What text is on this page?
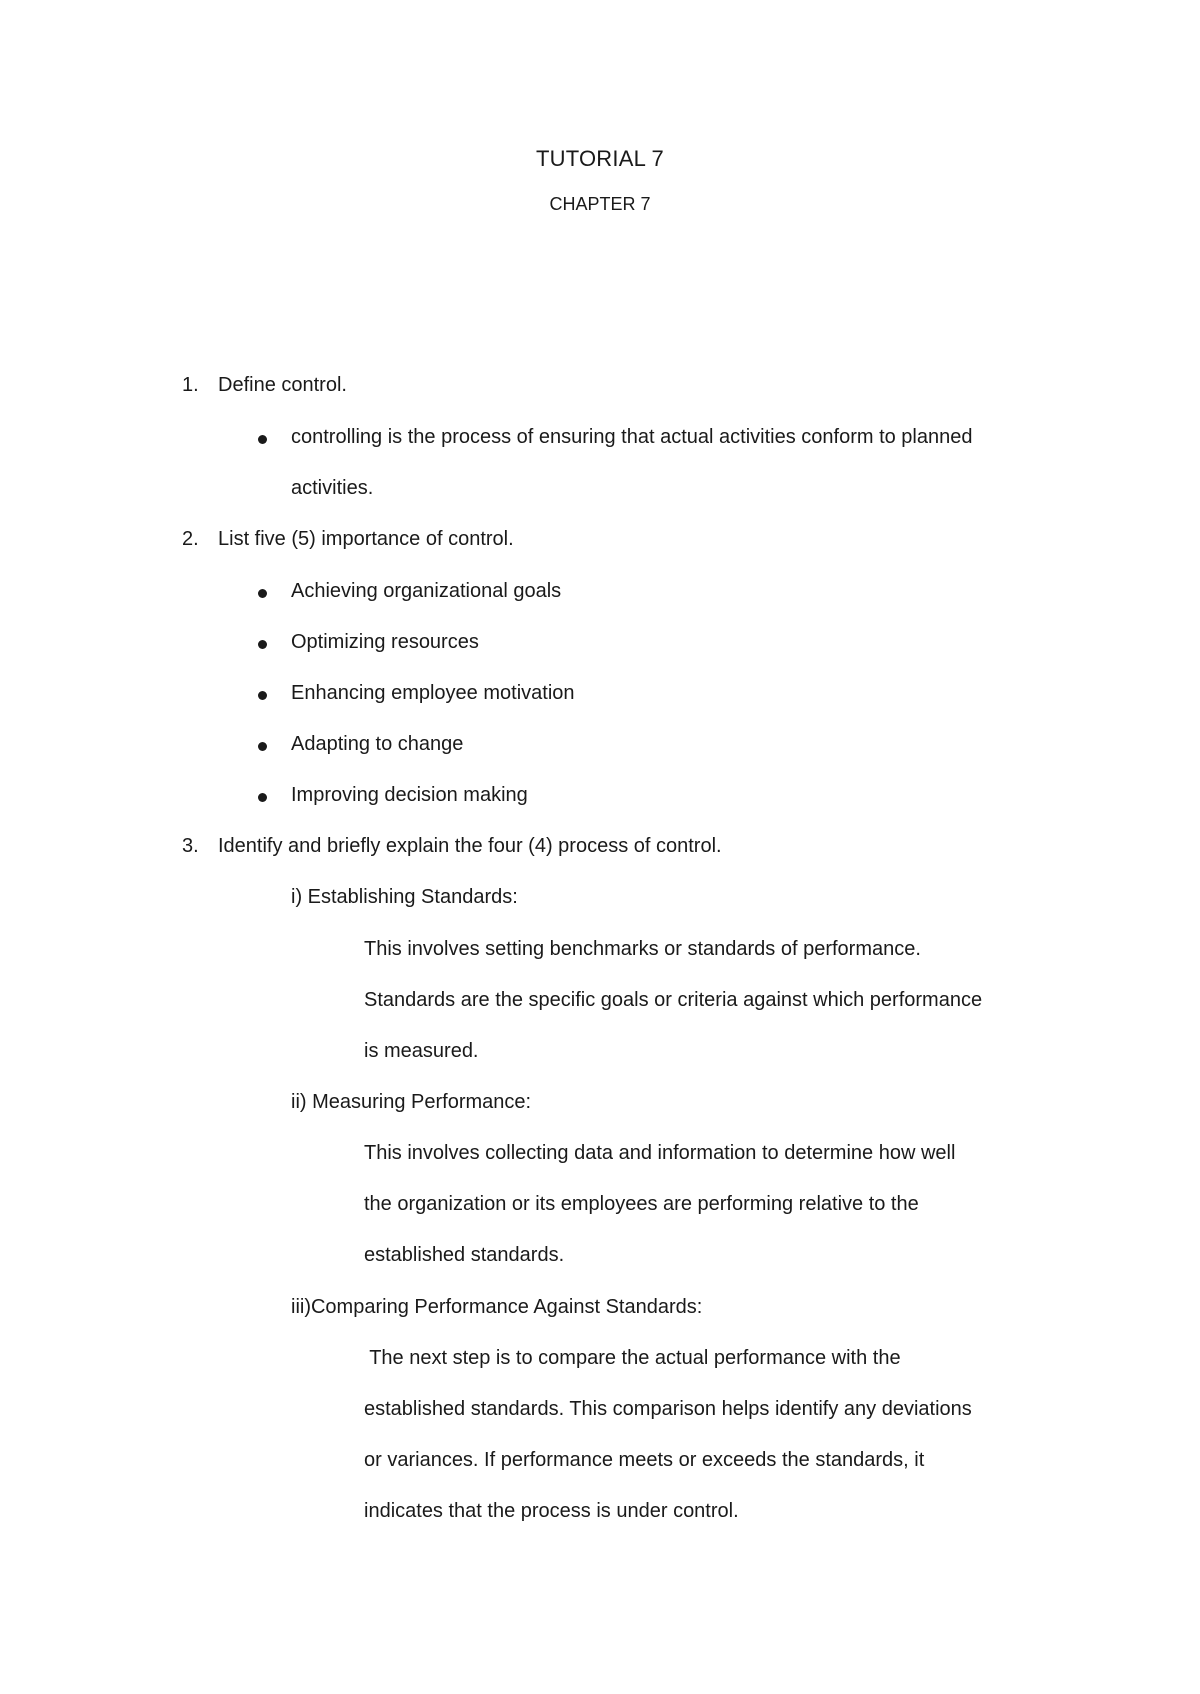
TUTORIAL 7
CHAPTER 7
1. Define control.
controlling is the process of ensuring that actual activities conform to planned
activities.
2. List five (5) importance of control.
Achieving organizational goals
Optimizing resources
Enhancing employee motivation
Adapting to change
Improving decision making
3. Identify and briefly explain the four (4) process of control.
i) Establishing Standards:
This involves setting benchmarks or standards of performance.
Standards are the specific goals or criteria against which performance
is measured.
ii) Measuring Performance:
This involves collecting data and information to determine how well
the organization or its employees are performing relative to the
established standards.
iii)Comparing Performance Against Standards:
The next step is to compare the actual performance with the
established standards. This comparison helps identify any deviations
or variances. If performance meets or exceeds the standards, it
indicates that the process is under control.
